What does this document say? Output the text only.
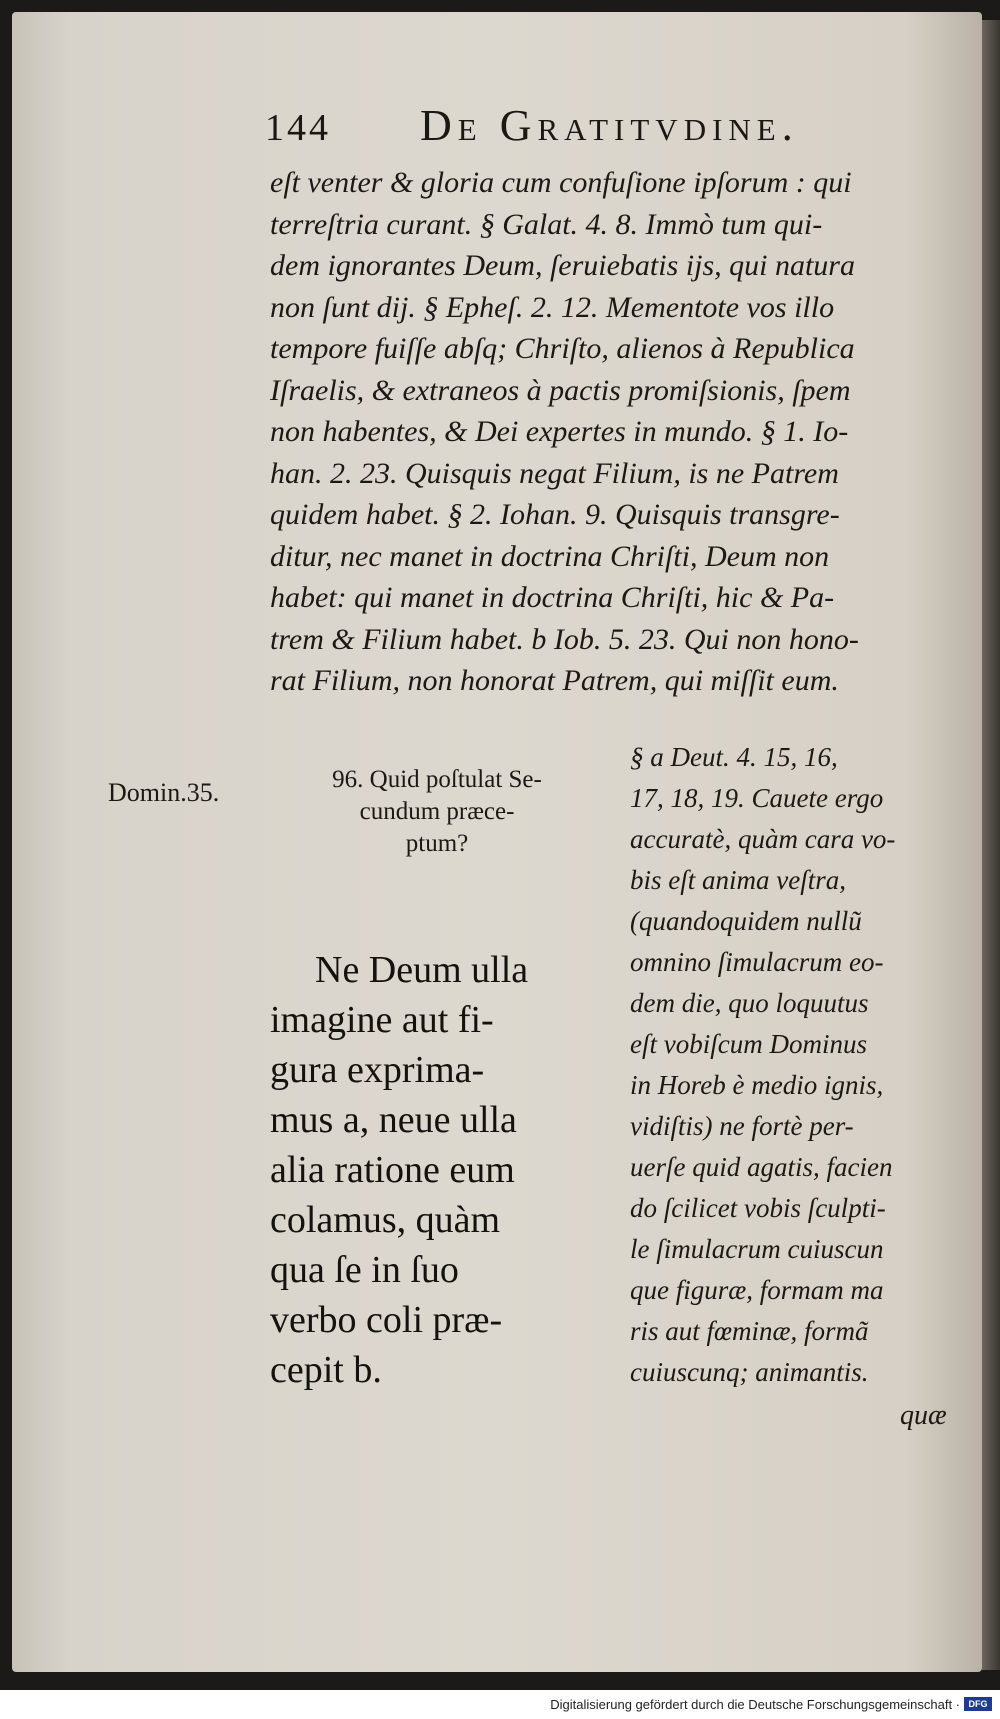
144 De Gratitvdine.
eſt venter & gloria cum confuſione ipſorum : qui
terreſtria curant. § Galat. 4. 8. Immò tum qui-
dem ignorantes Deum, ſeruiebatis ijs, qui natura
non ſunt dij. § Epheſ. 2. 12. Mementote vos illo
tempore fuiſſe abſq; Chriſto, alienos à Republica
Iſraelis, & extraneos à pactis promiſsionis, ſpem
non habentes, & Dei expertes in mundo. § 1. Io-
han. 2. 23. Quisquis negat Filium, is ne Patrem
quidem habet. § 2. Iohan. 9. Quisquis transgre-
ditur, nec manet in doctrina Chriſti, Deum non
habet: qui manet in doctrina Chriſti, hic & Pa-
trem & Filium habet. b Iob. 5. 23. Qui non hono-
rat Filium, non honorat Patrem, qui miſſit eum.
Domin.35.	96. Quid poſtulat Se-
cundum præce-
ptum?
Ne Deum ulla
imagine aut fi-
gura exprima-
mus a, neue ulla
alia ratione eum
colamus, quàm
qua ſe in ſuo
verbo coli præ-
cepit b.
§ a Deut. 4. 15, 16,
17, 18, 19. Cauete ergo
accuratè, quàm cara vo-
bis eſt anima veſtra,
(quandoquidem nullũ
omnino ſimulacrum eo-
dem die, quo loquutus
eſt vobiſcum Dominus
in Horeb è medio ignis,
vidiſtis) ne fortè per-
uerſe quid agatis, facien
do ſcilicet vobis ſculpti-
le ſimulacrum cuiuscun
que figuræ, formam ma
ris aut fœminæ, formã
cuiuscunq; animantis.
quæ
Digitalisierung gefördert durch die Deutsche Forschungsgemeinschaft · DFG
